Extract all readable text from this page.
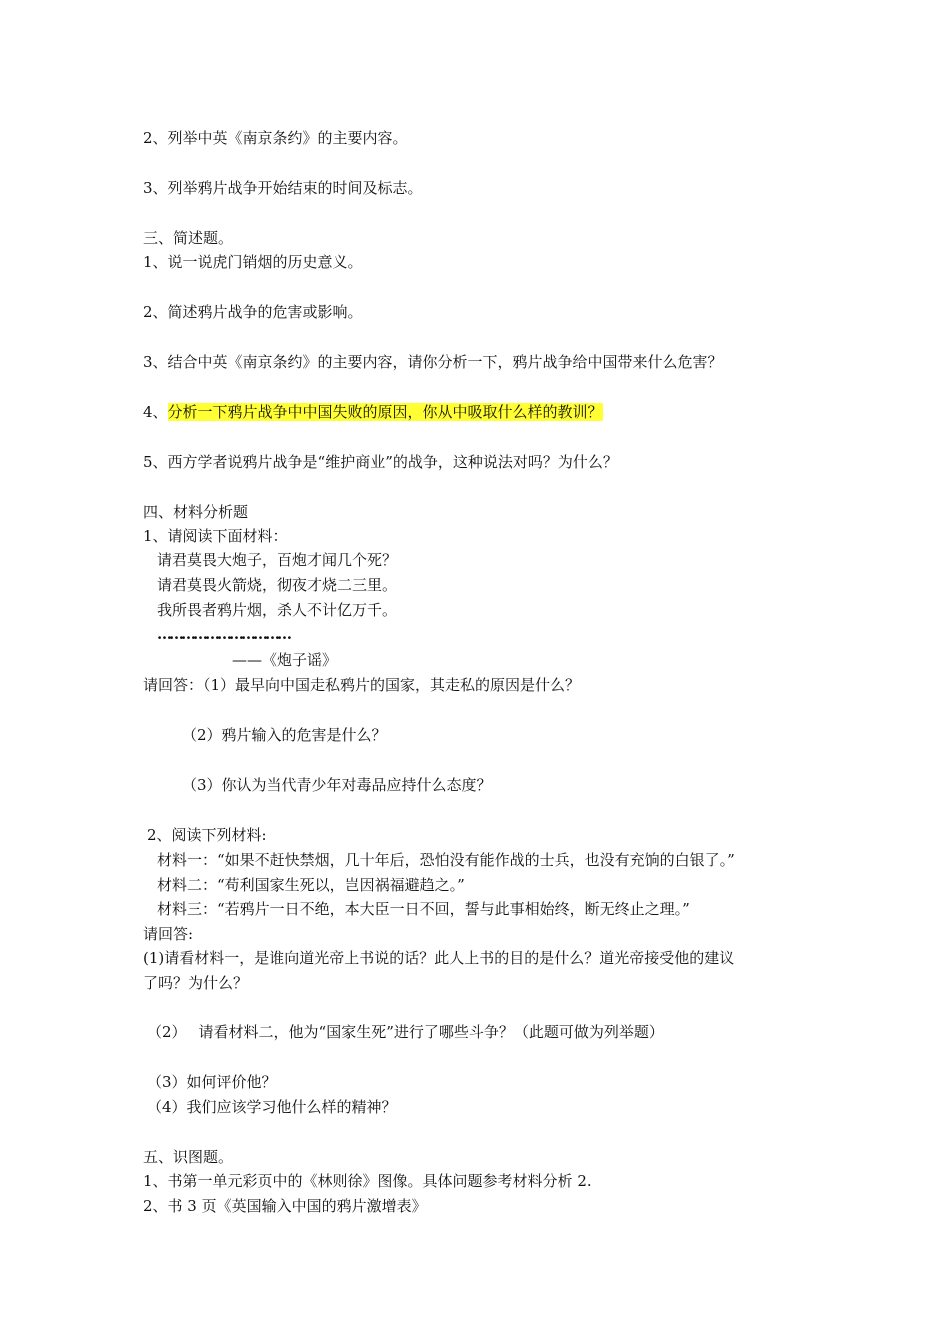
2、列举中英《南京条约》的主要内容。
3、列举鸦片战争开始结束的时间及标志。
三、简述题。
1、说一说虎门销烟的历史意义。
2、简述鸦片战争的危害或影响。
3、结合中英《南京条约》的主要内容，请你分析一下，鸦片战争给中国带来什么危害？
4、分析一下鸦片战争中中国失败的原因，你从中吸取什么样的教训？
5、西方学者说鸦片战争是“维护商业”的战争，这种说法对吗？为什么？
四、材料分析题
1、请阅读下面材料：
请君莫畏大炮子，百炮才闻几个死？
请君莫畏火箭烧，彻夜才烧二三里。
我所畏者鸦片烟，杀人不计亿万千。
……………………………
——《炮子谣》
请回答：（1）最早向中国走私鸦片的国家，其走私的原因是什么？
（2）鸦片输入的危害是什么？
（3）你认为当代青少年对毒品应持什么态度？
2、阅读下列材料:
材料一：“如果不赶快禁烟，几十年后，恐怕没有能作战的士兵，也没有充饷的白银了。”
材料二：“苟利国家生死以，岂因祸福避趋之。”
材料三：“若鸦片一日不绝，本大臣一日不回，誓与此事相始终，断无终止之理。”
请回答:
(1)请看材料一，是谁向道光帝上书说的话？此人上书的目的是什么？道光帝接受他的建议
了吗？为什么？
（2） 请看材料二，他为“国家生死”进行了哪些斗争？（此题可做为列举题）
（3）如何评价他？
（4）我们应该学习他什么样的精神？
五、识图题。
1、书第一单元彩页中的《林则徐》图像。具体问题参考材料分析 2.
2、书 3 页《英国输入中国的鸦片激增表》
